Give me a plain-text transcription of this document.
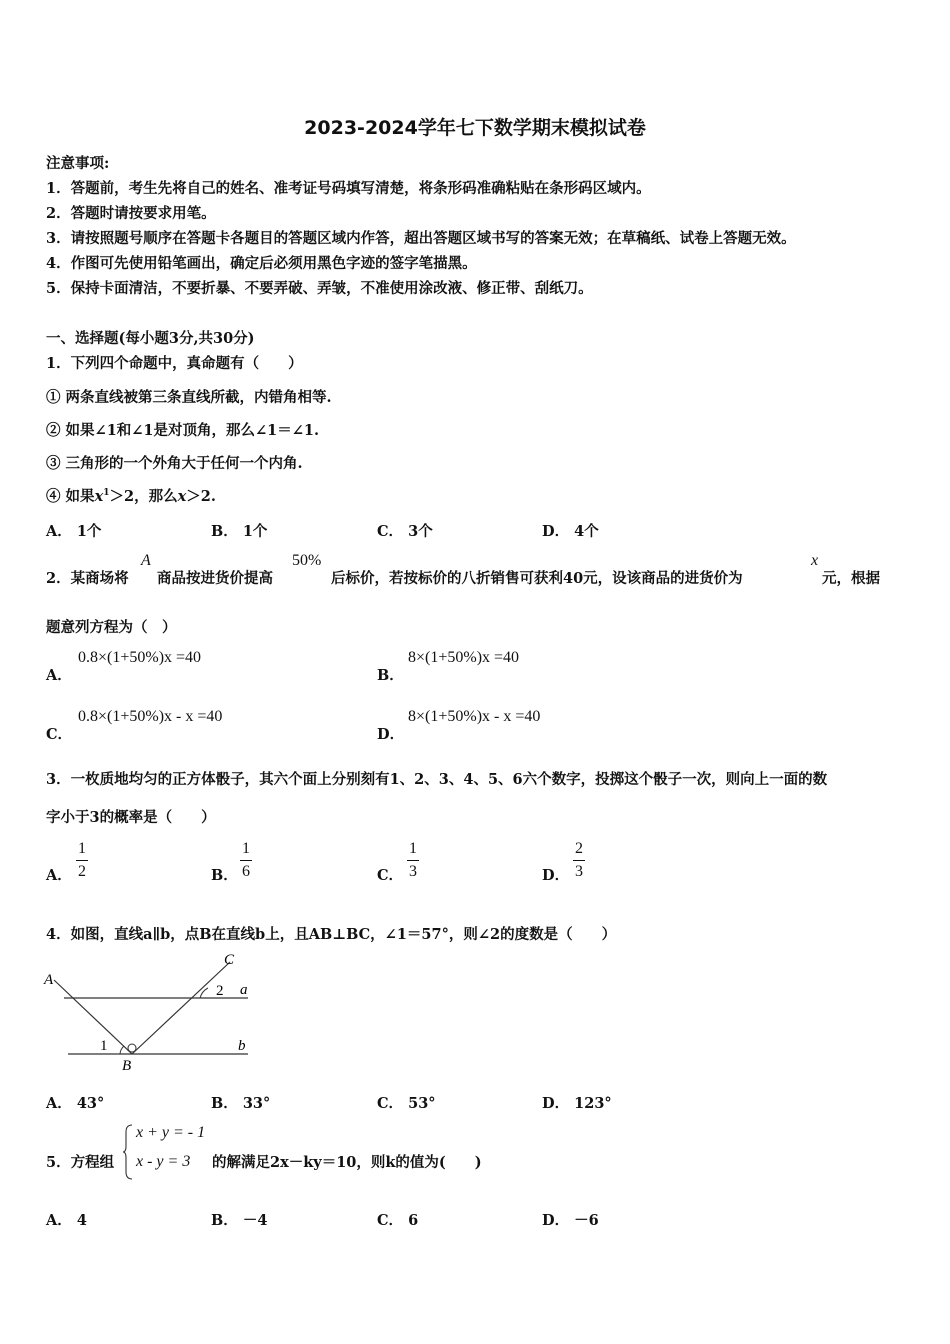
2023-2024学年七下数学期末模拟试卷
注意事项:
1．答题前，考生先将自己的姓名、准考证号码填写清楚，将条形码准确粘贴在条形码区域内。
2．答题时请按要求用笔。
3．请按照题号顺序在答题卡各题目的答题区域内作答，超出答题区域书写的答案无效；在草稿纸、试卷上答题无效。
4．作图可先使用铅笔画出，确定后必须用黑色字迹的签字笔描黑。
5．保持卡面清洁，不要折暴、不要弄破、弄皱，不准使用涂改液、修正带、刮纸刀。
一、选择题(每小题3分,共30分)
1．下列四个命题中，真命题有（　　）
① 两条直线被第三条直线所截，内错角相等.
② 如果∠1和∠1是对顶角，那么∠1＝∠1.
③ 三角形的一个外角大于任何一个内角.
④ 如果$x^1>2$，那么x＞2.
A． 1个	B． 1个	C． 3个	D． 4个
2．某商场将
A
商品按进货价提高
50%
后标价，若按标价的八折销售可获利40元，设该商品的进货价为
x
元，根据
题意列方程为（　）
A．
0.8×(1+50%)x =40
B．
8×(1+50%)x =40
C．
0.8×(1+50%)x - x =40
D．
8×(1+50%)x - x =40
3．一枚质地均匀的正方体骰子，其六个面上分别刻有1、2、3、4、5、6六个数字，投掷这个骰子一次，则向上一面的数
字小于3的概率是（　　）
A．
1
2	B．
1
6	C．
1
3	D．
2
3
4．如图，直线a∥b，点B在直线b上，且AB⊥BC，∠1＝57°，则∠2的度数是（　　）
A
C
B
a
b
1
2
A． 43°	B． 33°	C． 53°	D． 123°
5．方程组
x + y = - 1
x - y = 3 的解满足2x－ky＝10，则k的值为(　　)
A． 4	B． －4	C． 6	D． －6
